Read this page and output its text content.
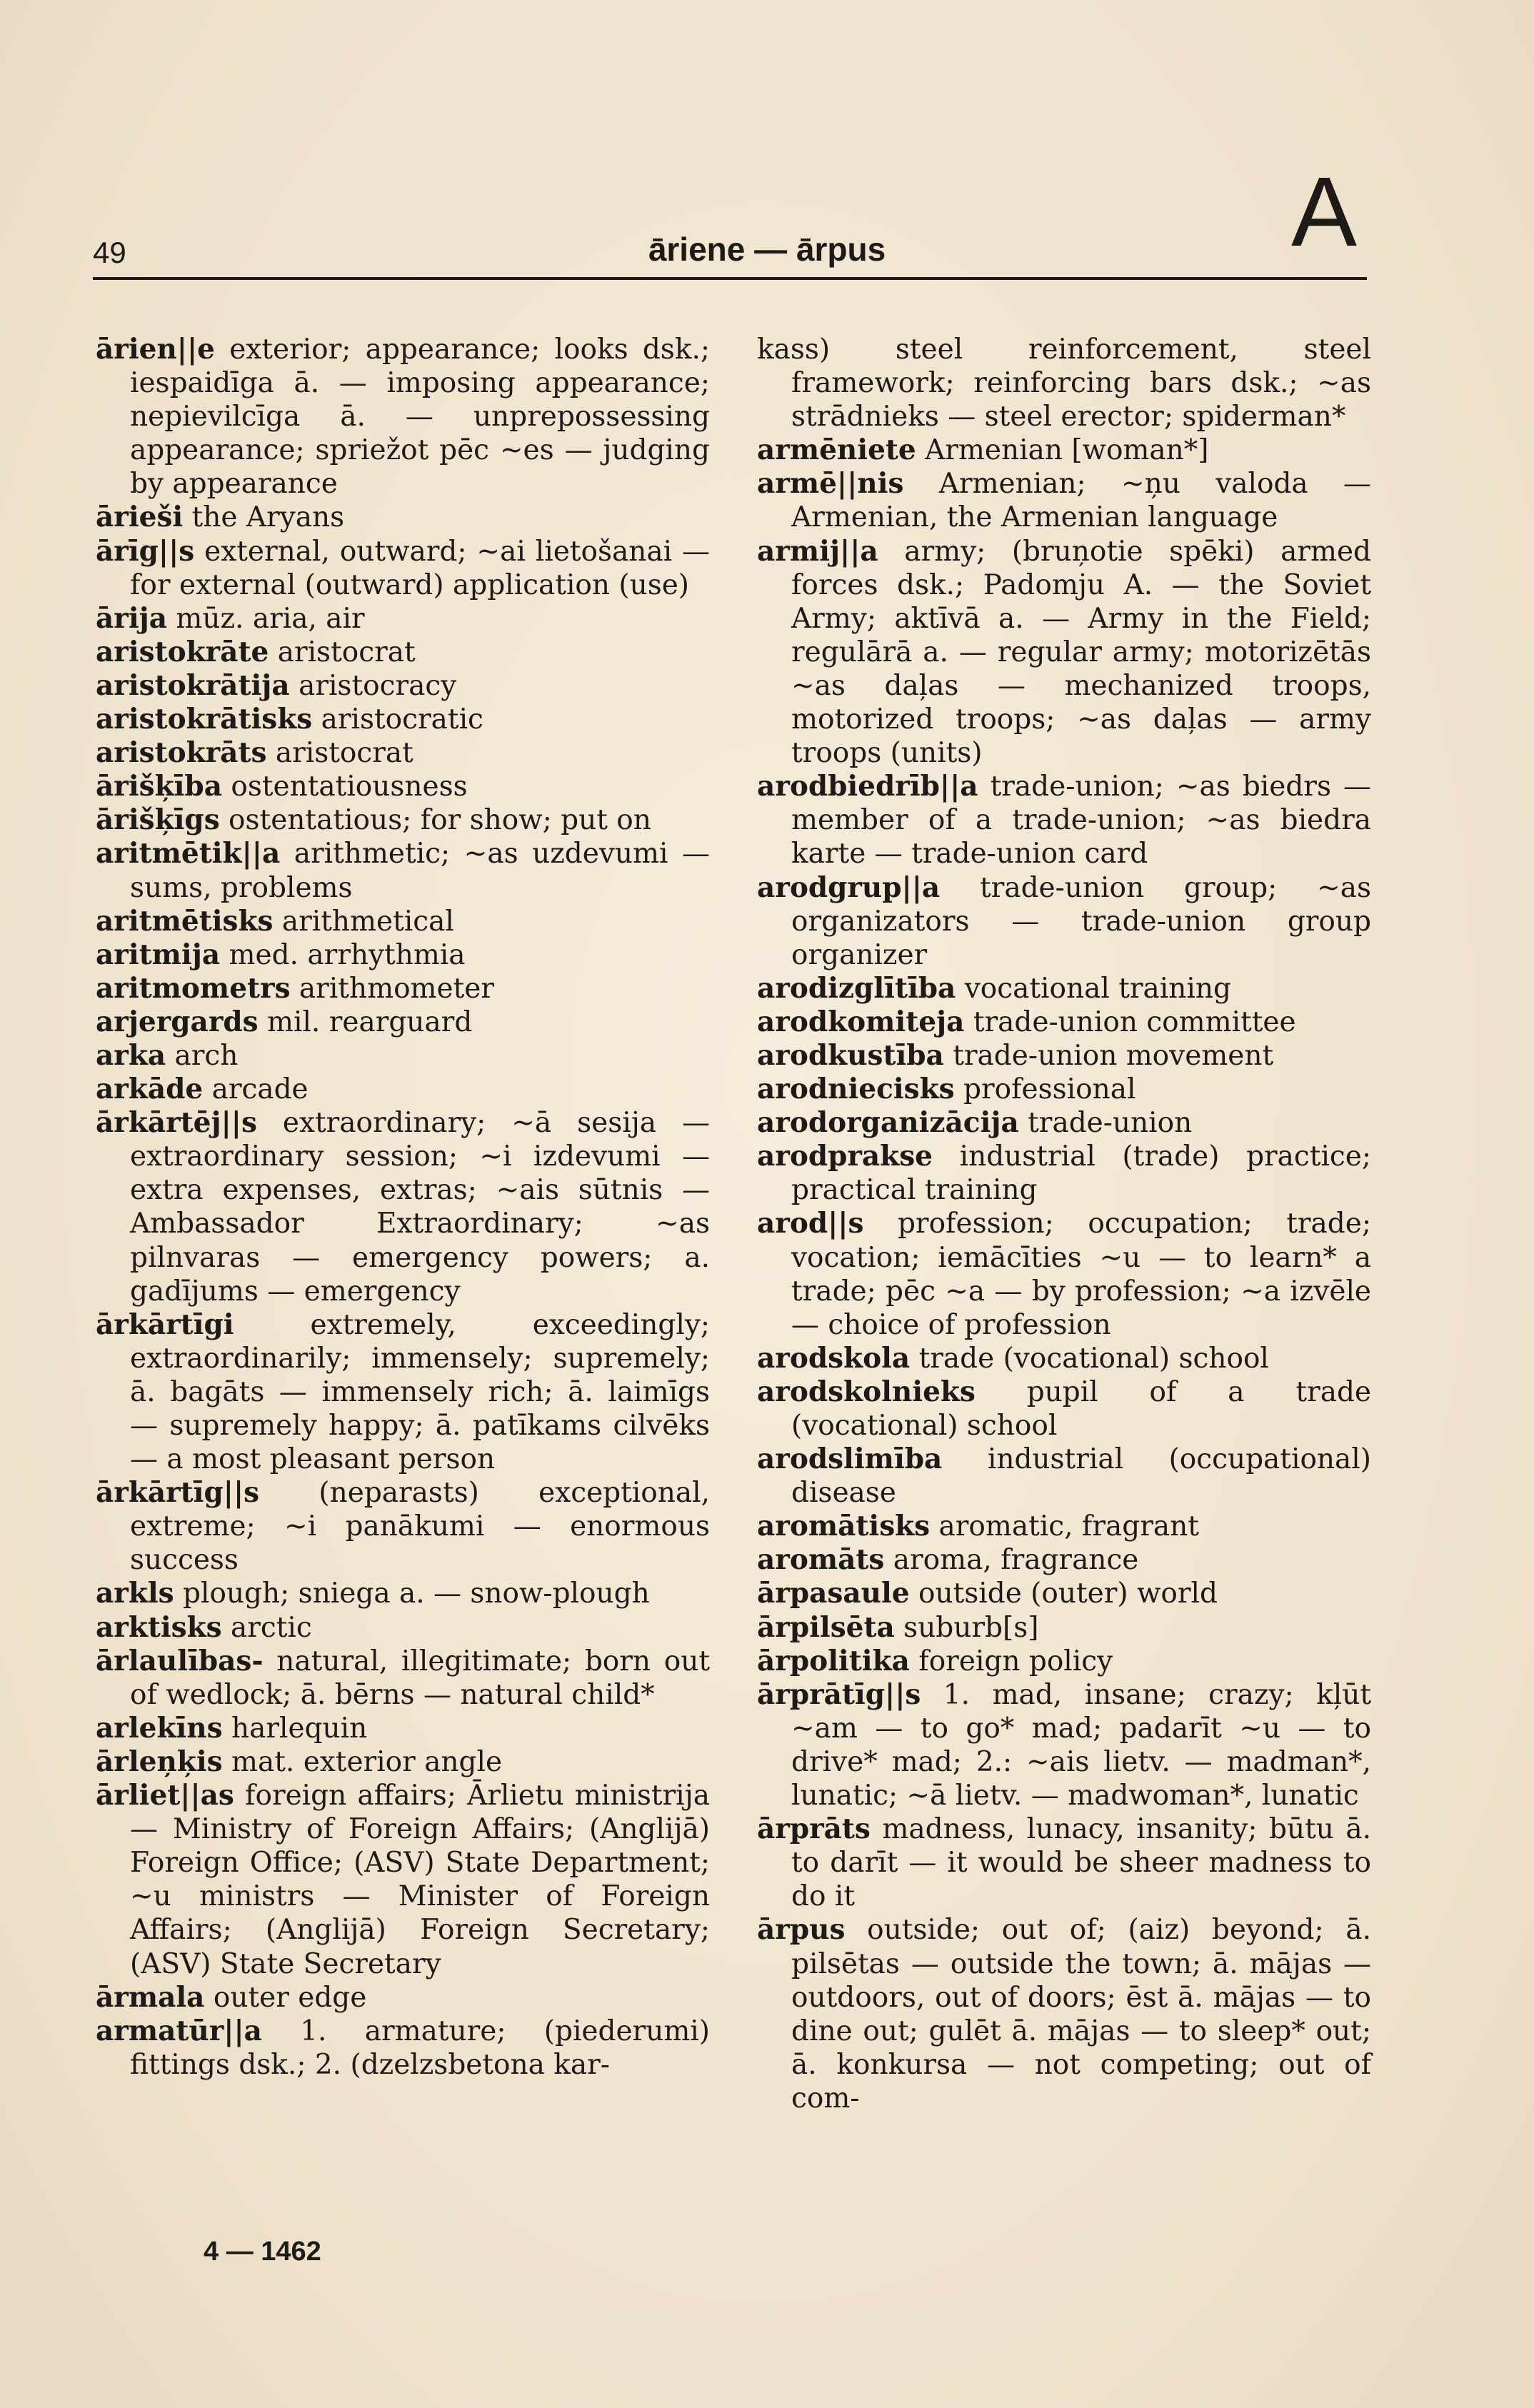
49	āriene — ārpus	A

ārien||e exterior; appearance; looks dsk.; iespaidīga ā. — imposing appearance; nepievilcīga ā. — unprepossessing appearance; spriežot pēc ~es — judging by appearance

ārieši the Aryans

ārīg||s external, outward; ~ai lietošanai — for external (outward) application (use)

ārija mūz. aria, air

aristokrāte aristocrat

aristokrātija aristocracy

aristokrātisks aristocratic

aristokrāts aristocrat

ārišķība ostentatiousness

ārišķīgs ostentatious; for show; put on

aritmētik||a arithmetic; ~as uzdevumi — sums, problems

aritmētisks arithmetical

aritmija med. arrhythmia

aritmometrs arithmometer

arjergards mil. rearguard

arka arch

arkāde arcade

ārkārtēj||s extraordinary; ~ā sesija — extraordinary session; ~i izdevumi — extra expenses, extras; ~ais sūtnis — Ambassador Extraordinary; ~as pilnvaras — emergency powers; a. gadījums — emergency

ārkārtīgi extremely, exceedingly; extraordinarily; immensely; supremely; ā. bagāts — immensely rich; ā. laimīgs — supremely happy; ā. patīkams cilvēks — a most pleasant person

ārkārtīg||s (neparasts) exceptional, extreme; ~i panākumi — enormous success

arkls plough; sniega a. — snow-plough

arktisks arctic

ārlaulības- natural, illegitimate; born out of wedlock; ā. bērns — natural child*

arlekīns harlequin

ārleņķis mat. exterior angle

ārliet||as foreign affairs; Ārlietu ministrija — Ministry of Foreign Affairs; (Anglijā) Foreign Office; (ASV) State Department; ~u ministrs — Minister of Foreign Affairs; (Anglijā) Foreign Secretary; (ASV) State Secretary

ārmala outer edge

armatūr||a 1. armature; (piederumi) fittings dsk.; 2. (dzelzsbetona kar-

kass) steel reinforcement, steel framework; reinforcing bars dsk.; ~as strādnieks — steel erector; spiderman*

armēniete Armenian [woman*]

armē||nis Armenian; ~ņu valoda — Armenian, the Armenian language

armij||a army; (bruņotie spēki) armed forces dsk.; Padomju A. — the Soviet Army; aktīvā a. — Army in the Field; regulārā a. — regular army; motorizētās ~as daļas — mechanized troops, motorized troops; ~as daļas — army troops (units)

arodbiedrīb||a trade-union; ~as biedrs — member of a trade-union; ~as biedra karte — trade-union card

arodgrup||a trade-union group; ~as organizators — trade-union group organizer

arodizglītība vocational training

arodkomiteja trade-union committee

arodkustība trade-union movement

arodniecisks professional

arodorganizācija trade-union

arodprakse industrial (trade) practice; practical training

arod||s profession; occupation; trade; vocation; iemācīties ~u — to learn* a trade; pēc ~a — by profession; ~a izvēle — choice of profession

arodskola trade (vocational) school

arodskolnieks pupil of a trade (vocational) school

arodslimība industrial (occupational) disease

aromātisks aromatic, fragrant

aromāts aroma, fragrance

ārpasaule outside (outer) world

ārpilsēta suburb[s]

ārpolitika foreign policy

ārprātīg||s 1. mad, insane; crazy; kļūt ~am — to go* mad; padarīt ~u — to drive* mad; 2.: ~ais lietv. — madman*, lunatic; ~ā lietv. — madwoman*, lunatic

ārprāts madness, lunacy, insanity; būtu ā. to darīt — it would be sheer madness to do it

ārpus outside; out of; (aiz) beyond; ā. pilsētas — outside the town; ā. mājas — outdoors, out of doors; ēst ā. mājas — to dine out; gulēt ā. mājas — to sleep* out; ā. konkursa — not competing; out of com-

4 — 1462
